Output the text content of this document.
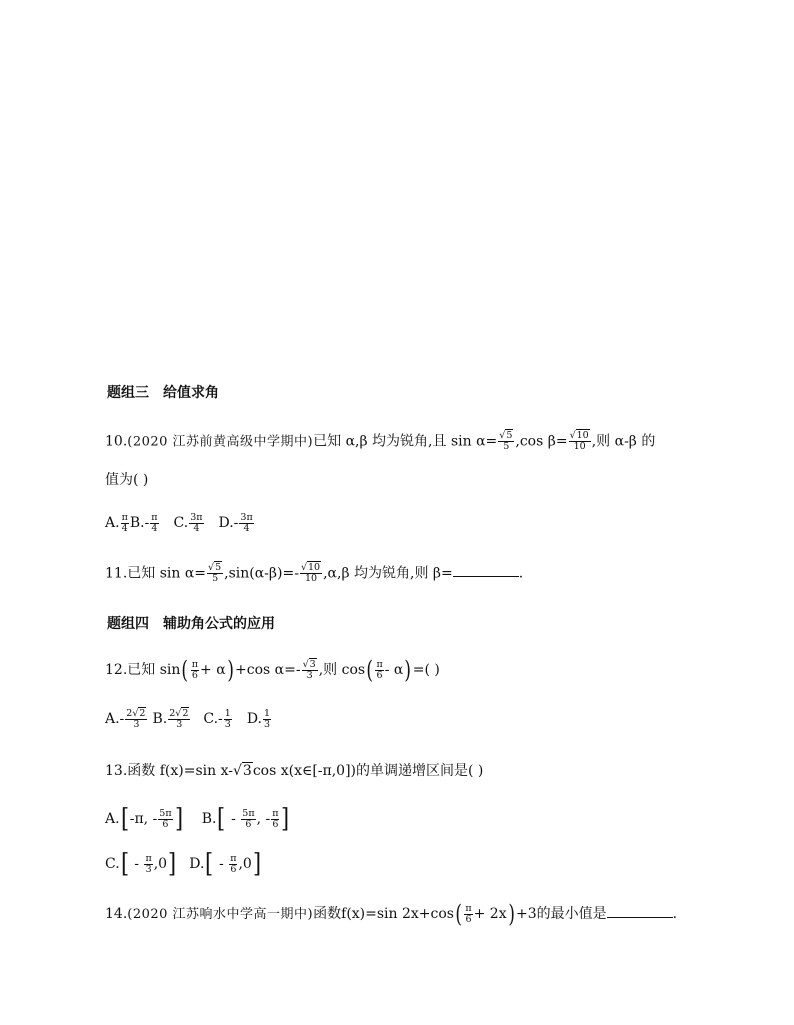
题组三 给值求角
10.(2020 江苏前黄高级中学期中)已知 α,β 均为锐角,且 $\sin \alpha= \frac{√5}{5} ,\cos$ $\beta= \frac{√10}{10}$ ,则 α-β 的
值为( )
A. $\frac{\pi}{4} B.- \frac{\pi}{4} C$. $\frac{3\pi}{4} D.- \frac{3\pi}{4}$
11.已知 $\sin \alpha= \frac{√5}{5} ,\sin(\alpha-\beta)=- \frac{√10}{10} ,\alpha,\beta$ 均为锐角,则 β=	.
题组四 辅助角公式的应用
12.已知 $\sin( \frac{\pi}{6} + \alpha)+\cos$ $\alpha=- \frac{√3}{3}$ ,则 $\cos( \frac{\pi}{6} - \alpha)=$( )
$A.- \frac{2√2}{3} B$. $\frac{2√2}{3} C.- \frac{1}{3} D$. $\frac{1}{3}$
13.函数 f(x)=sin x-√3cos x(x∈[-π,0])的单调递增区间是( )
A.[-π, - $\frac{5\pi}{6}$ ] $B.[ - \frac{5\pi}{6}$ , - $\frac{\pi}{6}$ ]
$C.[ - \frac{\pi}{3} ,0]$ $D.[ - \frac{\pi}{6} ,0]$
14.(2020 江苏响水中学高一期中)函数f(x)=sin $2x+\cos( \frac{\pi}{6} + 2x)+3$的最小值是	.
